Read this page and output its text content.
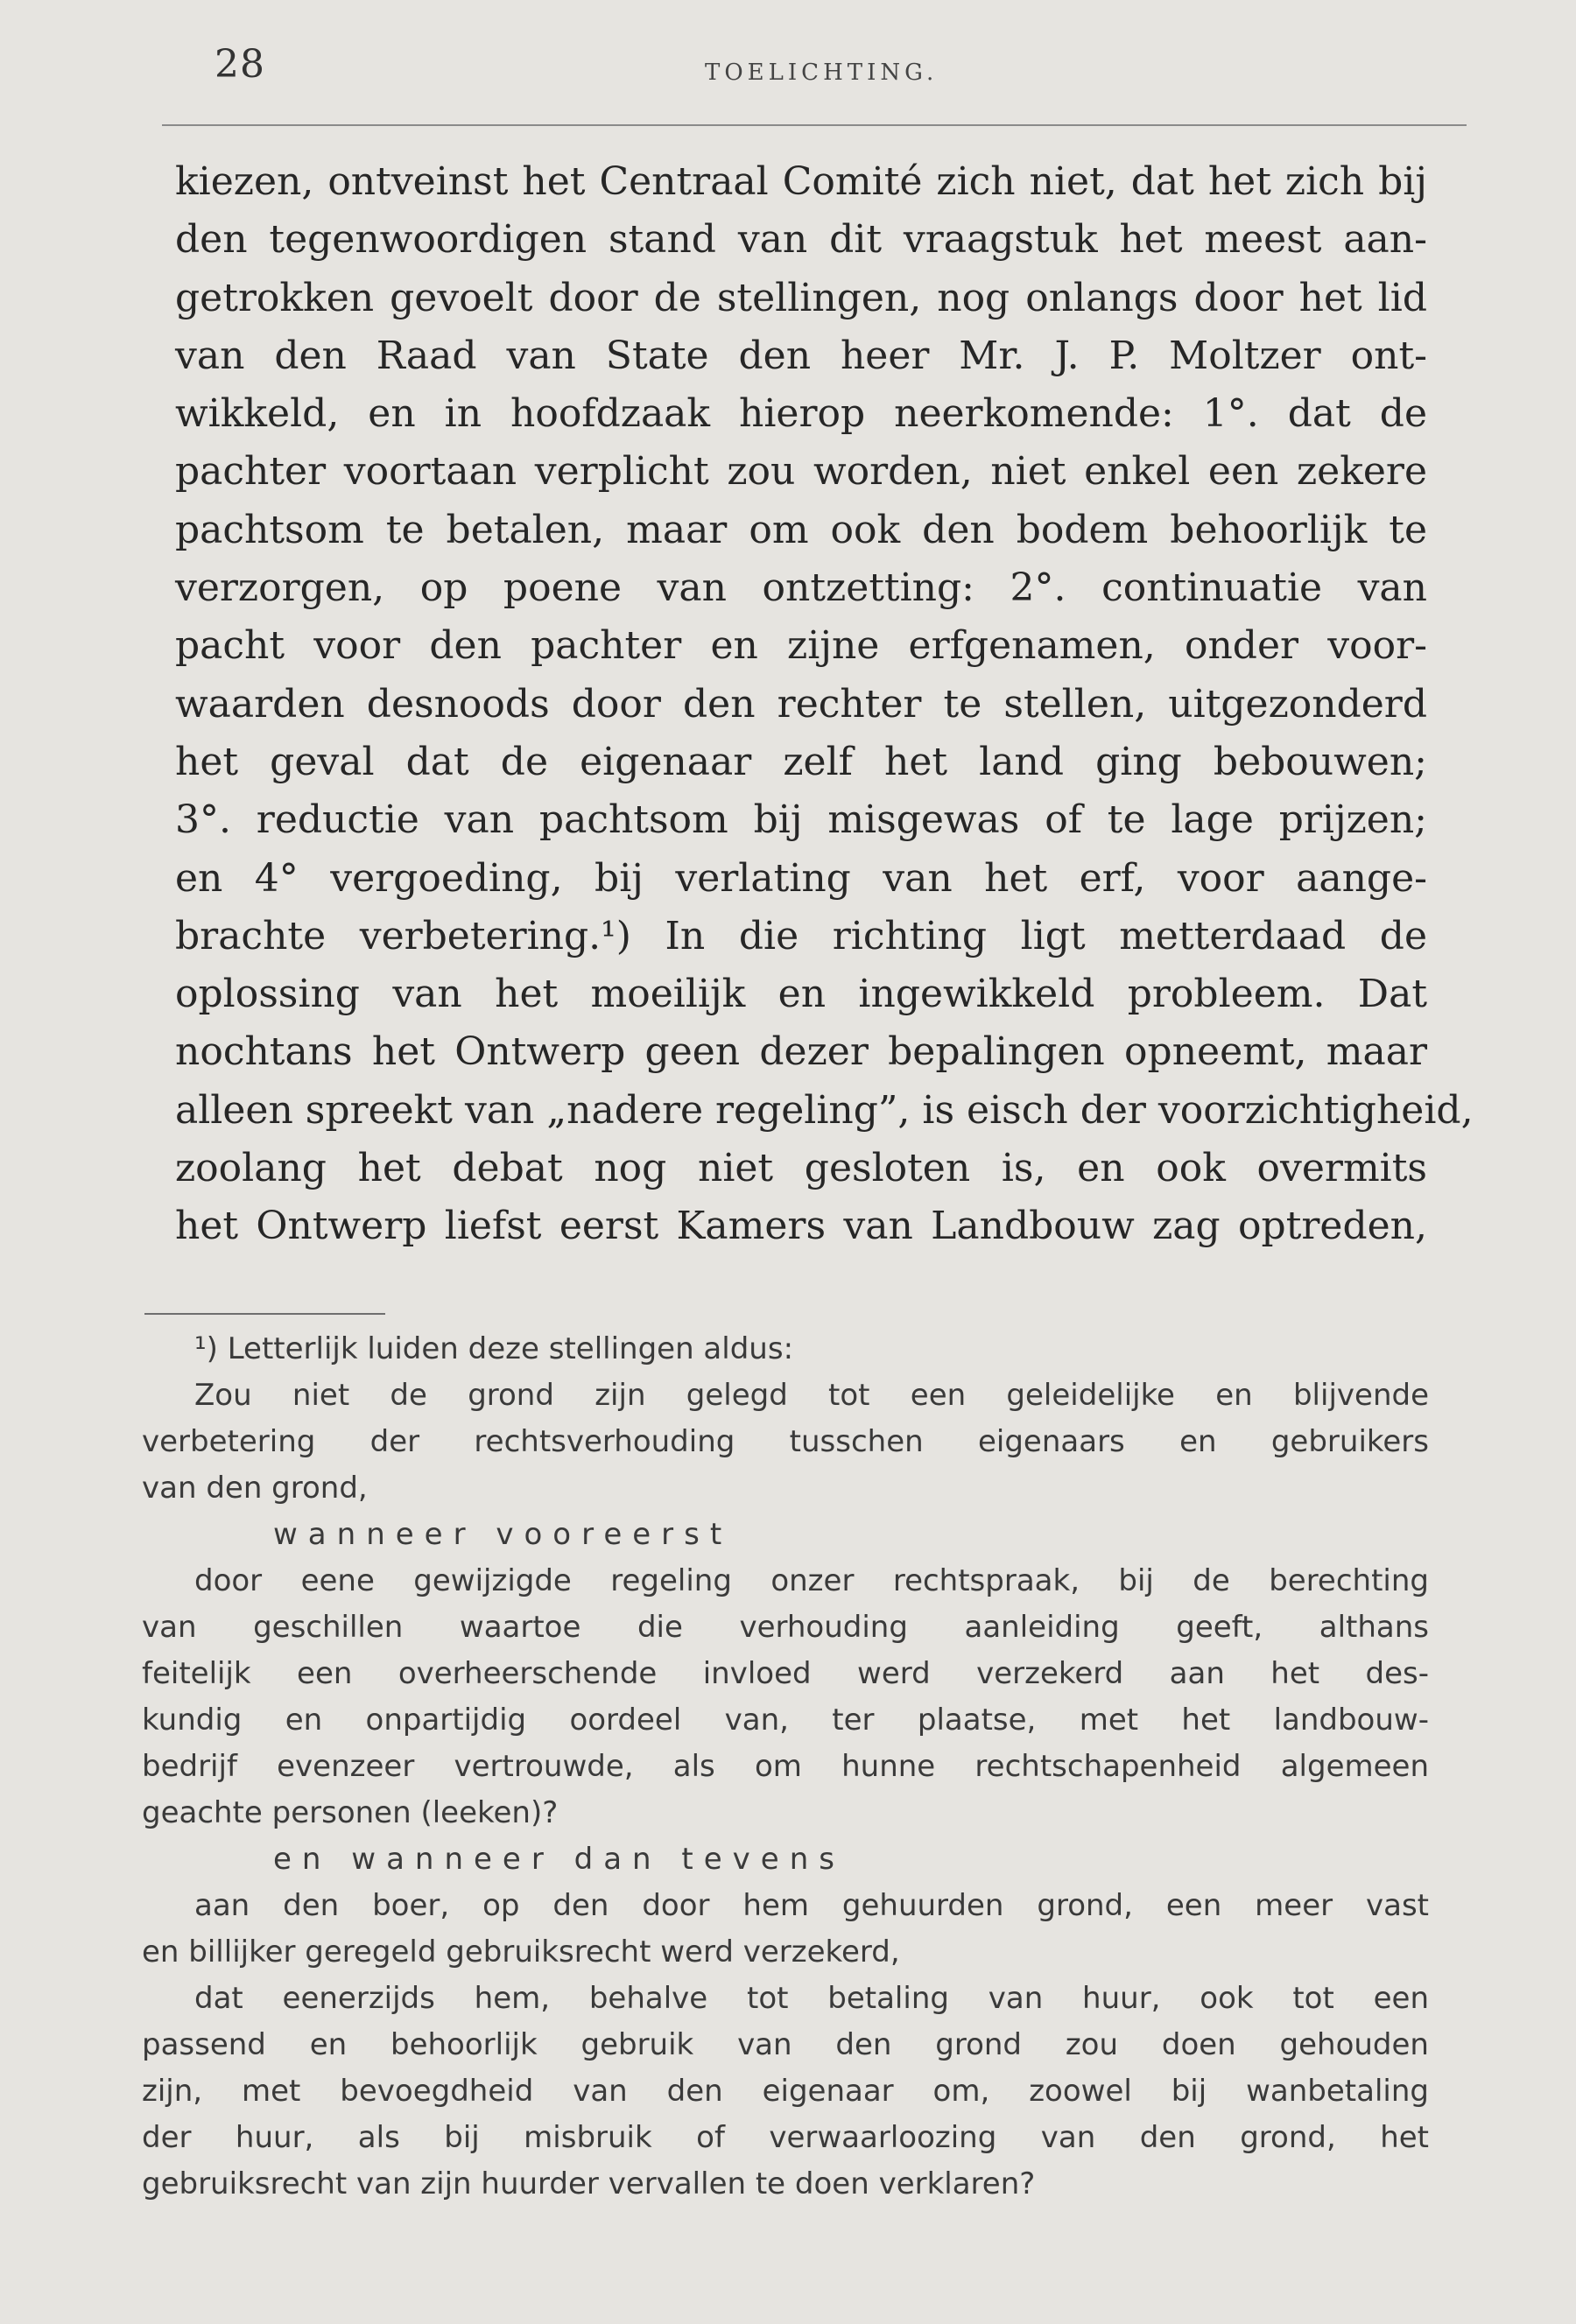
28	TOELICHTING.
kiezen, ontveinst het Centraal Comité zich niet, dat het zich bij
den tegenwoordigen stand van dit vraagstuk het meest aan-
getrokken gevoelt door de stellingen, nog onlangs door het lid
van den Raad van State den heer Mr. J. P. Moltzer ont-
wikkeld, en in hoofdzaak hierop neerkomende: 1°. dat de
pachter voortaan verplicht zou worden, niet enkel een zekere
pachtsom te betalen, maar om ook den bodem behoorlijk te
verzorgen, op poene van ontzetting: 2°. continuatie van
pacht voor den pachter en zijne erfgenamen, onder voor-
waarden desnoods door den rechter te stellen, uitgezonderd
het geval dat de eigenaar zelf het land ging bebouwen;
3°. reductie van pachtsom bij misgewas of te lage prijzen;
en 4° vergoeding, bij verlating van het erf, voor aange-
brachte verbetering.¹) In die richting ligt metterdaad de
oplossing van het moeilijk en ingewikkeld probleem. Dat
nochtans het Ontwerp geen dezer bepalingen opneemt, maar
alleen spreekt van „nadere regeling”, is eisch der voorzichtigheid,
zoolang het debat nog niet gesloten is, en ook overmits
het Ontwerp liefst eerst Kamers van Landbouw zag optreden,
¹) Letterlijk luiden deze stellingen aldus:
Zou niet de grond zijn gelegd tot een geleidelijke en blijvende
verbetering der rechtsverhouding tusschen eigenaars en gebruikers
van den grond,
wanneer vooreerst
door eene gewijzigde regeling onzer rechtspraak, bij de berechting
van geschillen waartoe die verhouding aanleiding geeft, althans
feitelijk een overheerschende invloed werd verzekerd aan het des-
kundig en onpartijdig oordeel van, ter plaatse, met het landbouw-
bedrijf evenzeer vertrouwde, als om hunne rechtschapenheid algemeen
geachte personen (leeken)?
en wanneer dan tevens
aan den boer, op den door hem gehuurden grond, een meer vast
en billijker geregeld gebruiksrecht werd verzekerd,
dat eenerzijds hem, behalve tot betaling van huur, ook tot een
passend en behoorlijk gebruik van den grond zou doen gehouden
zijn, met bevoegdheid van den eigenaar om, zoowel bij wanbetaling
der huur, als bij misbruik of verwaarloozing van den grond, het
gebruiksrecht van zijn huurder vervallen te doen verklaren?
